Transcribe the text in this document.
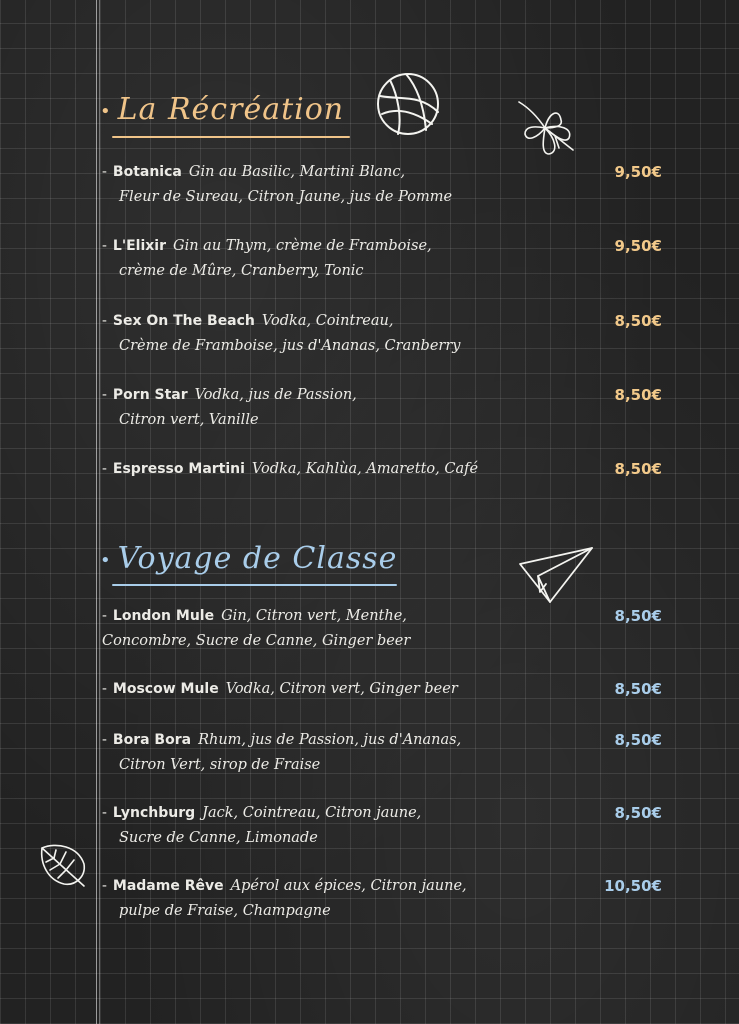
• La Récréation
- Botanica Gin au Basilic, Martini Blanc,
Fleur de Sureau, Citron Jaune, jus de Pomme
9,50€
- L'Elixir Gin au Thym, crème de Framboise,
crème de Mûre, Cranberry, Tonic
9,50€
- Sex On The Beach Vodka, Cointreau,
Crème de Framboise, jus d'Ananas, Cranberry
8,50€
- Porn Star Vodka, jus de Passion,
Citron vert, Vanille
8,50€
- Espresso Martini Vodka, Kahlùa, Amaretto, Café	8,50€
• Voyage de Classe
- London Mule Gin, Citron vert, Menthe,
Concombre, Sucre de Canne, Ginger beer
8,50€
- Moscow Mule Vodka, Citron vert, Ginger beer	8,50€
- Bora Bora Rhum, jus de Passion, jus d'Ananas,
Citron Vert, sirop de Fraise
8,50€
- Lynchburg Jack, Cointreau, Citron jaune,
Sucre de Canne, Limonade
8,50€
- Madame Rêve Apérol aux épices, Citron jaune,
pulpe de Fraise, Champagne
10,50€
